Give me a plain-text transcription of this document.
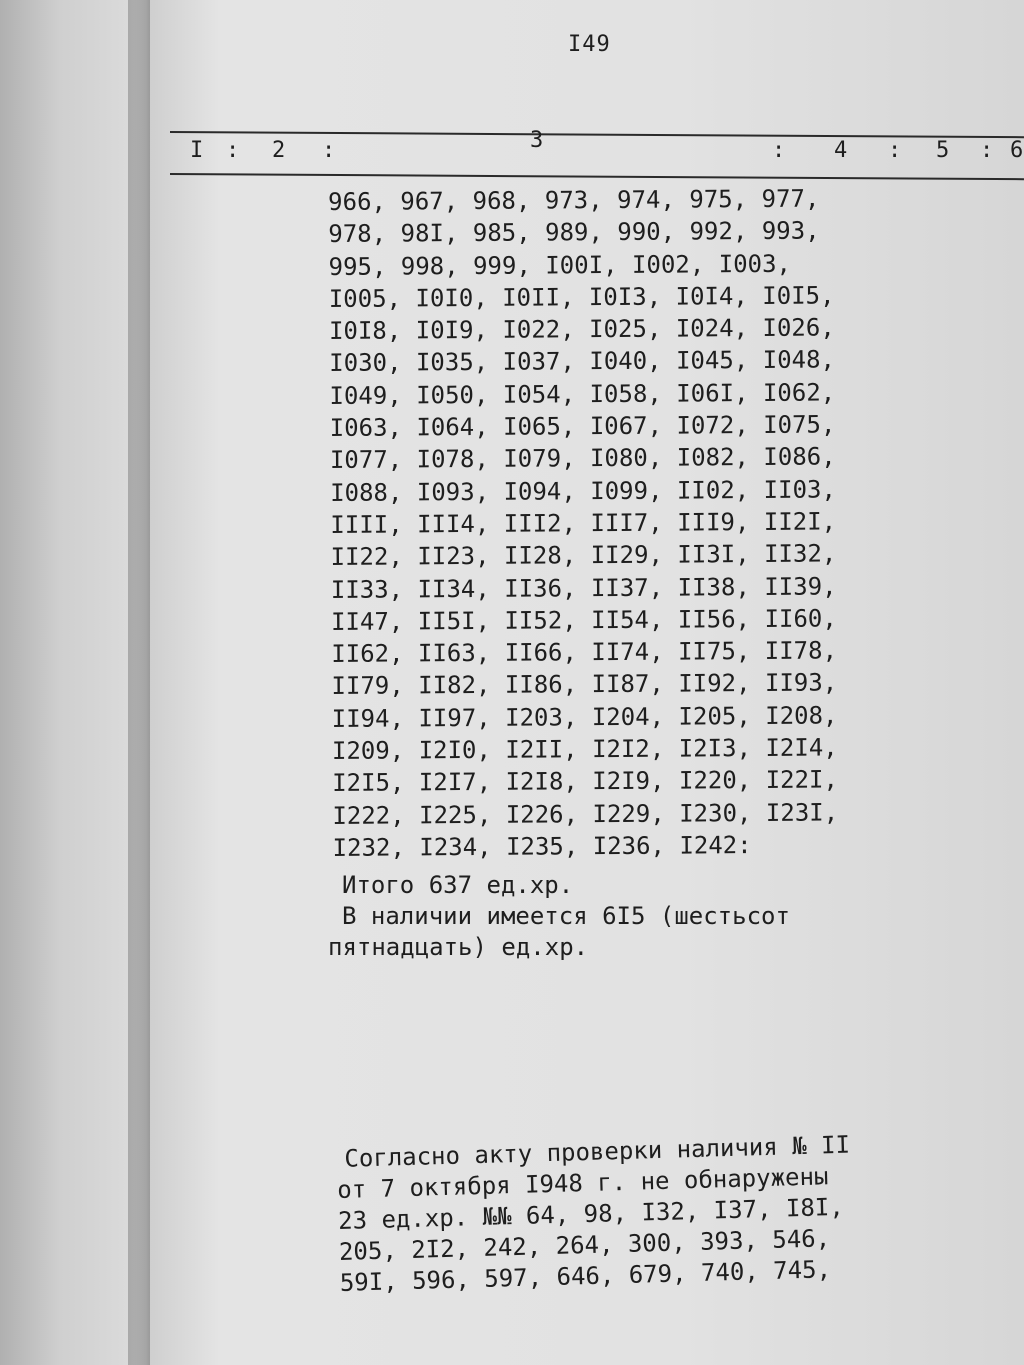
I49
I : 2 :	3	: 4 : 5 : 6
966, 967, 968, 973, 974, 975, 977,
978, 98I, 985, 989, 990, 992, 993,
995, 998, 999, I00I, I002, I003,
I005, I0I0, I0II, I0I3, I0I4, I0I5,
I0I8, I0I9, I022, I025, I024, I026,
I030, I035, I037, I040, I045, I048,
I049, I050, I054, I058, I06I, I062,
I063, I064, I065, I067, I072, I075,
I077, I078, I079, I080, I082, I086,
I088, I093, I094, I099, II02, II03,
IIII, III4, III2, III7, III9, II2I,
II22, II23, II28, II29, II3I, II32,
II33, II34, II36, II37, II38, II39,
II47, II5I, II52, II54, II56, II60,
II62, II63, II66, II74, II75, II78,
II79, II82, II86, II87, II92, II93,
II94, II97, I203, I204, I205, I208,
I209, I2I0, I2II, I2I2, I2I3, I2I4,
I2I5, I2I7, I2I8, I2I9, I220, I22I,
I222, I225, I226, I229, I230, I23I,
I232, I234, I235, I236, I242:
Итого 637 ед.хр.
В наличии имеется 6I5 (шестьсот
пятнадцать) ед.хр.
Согласно акту проверки наличия № II
от 7 октября I948 г. не обнаружены
23 ед.хр. №№ 64, 98, I32, I37, I8I,
205, 2I2, 242, 264, 300, 393, 546,
59I, 596, 597, 646, 679, 740, 745,
